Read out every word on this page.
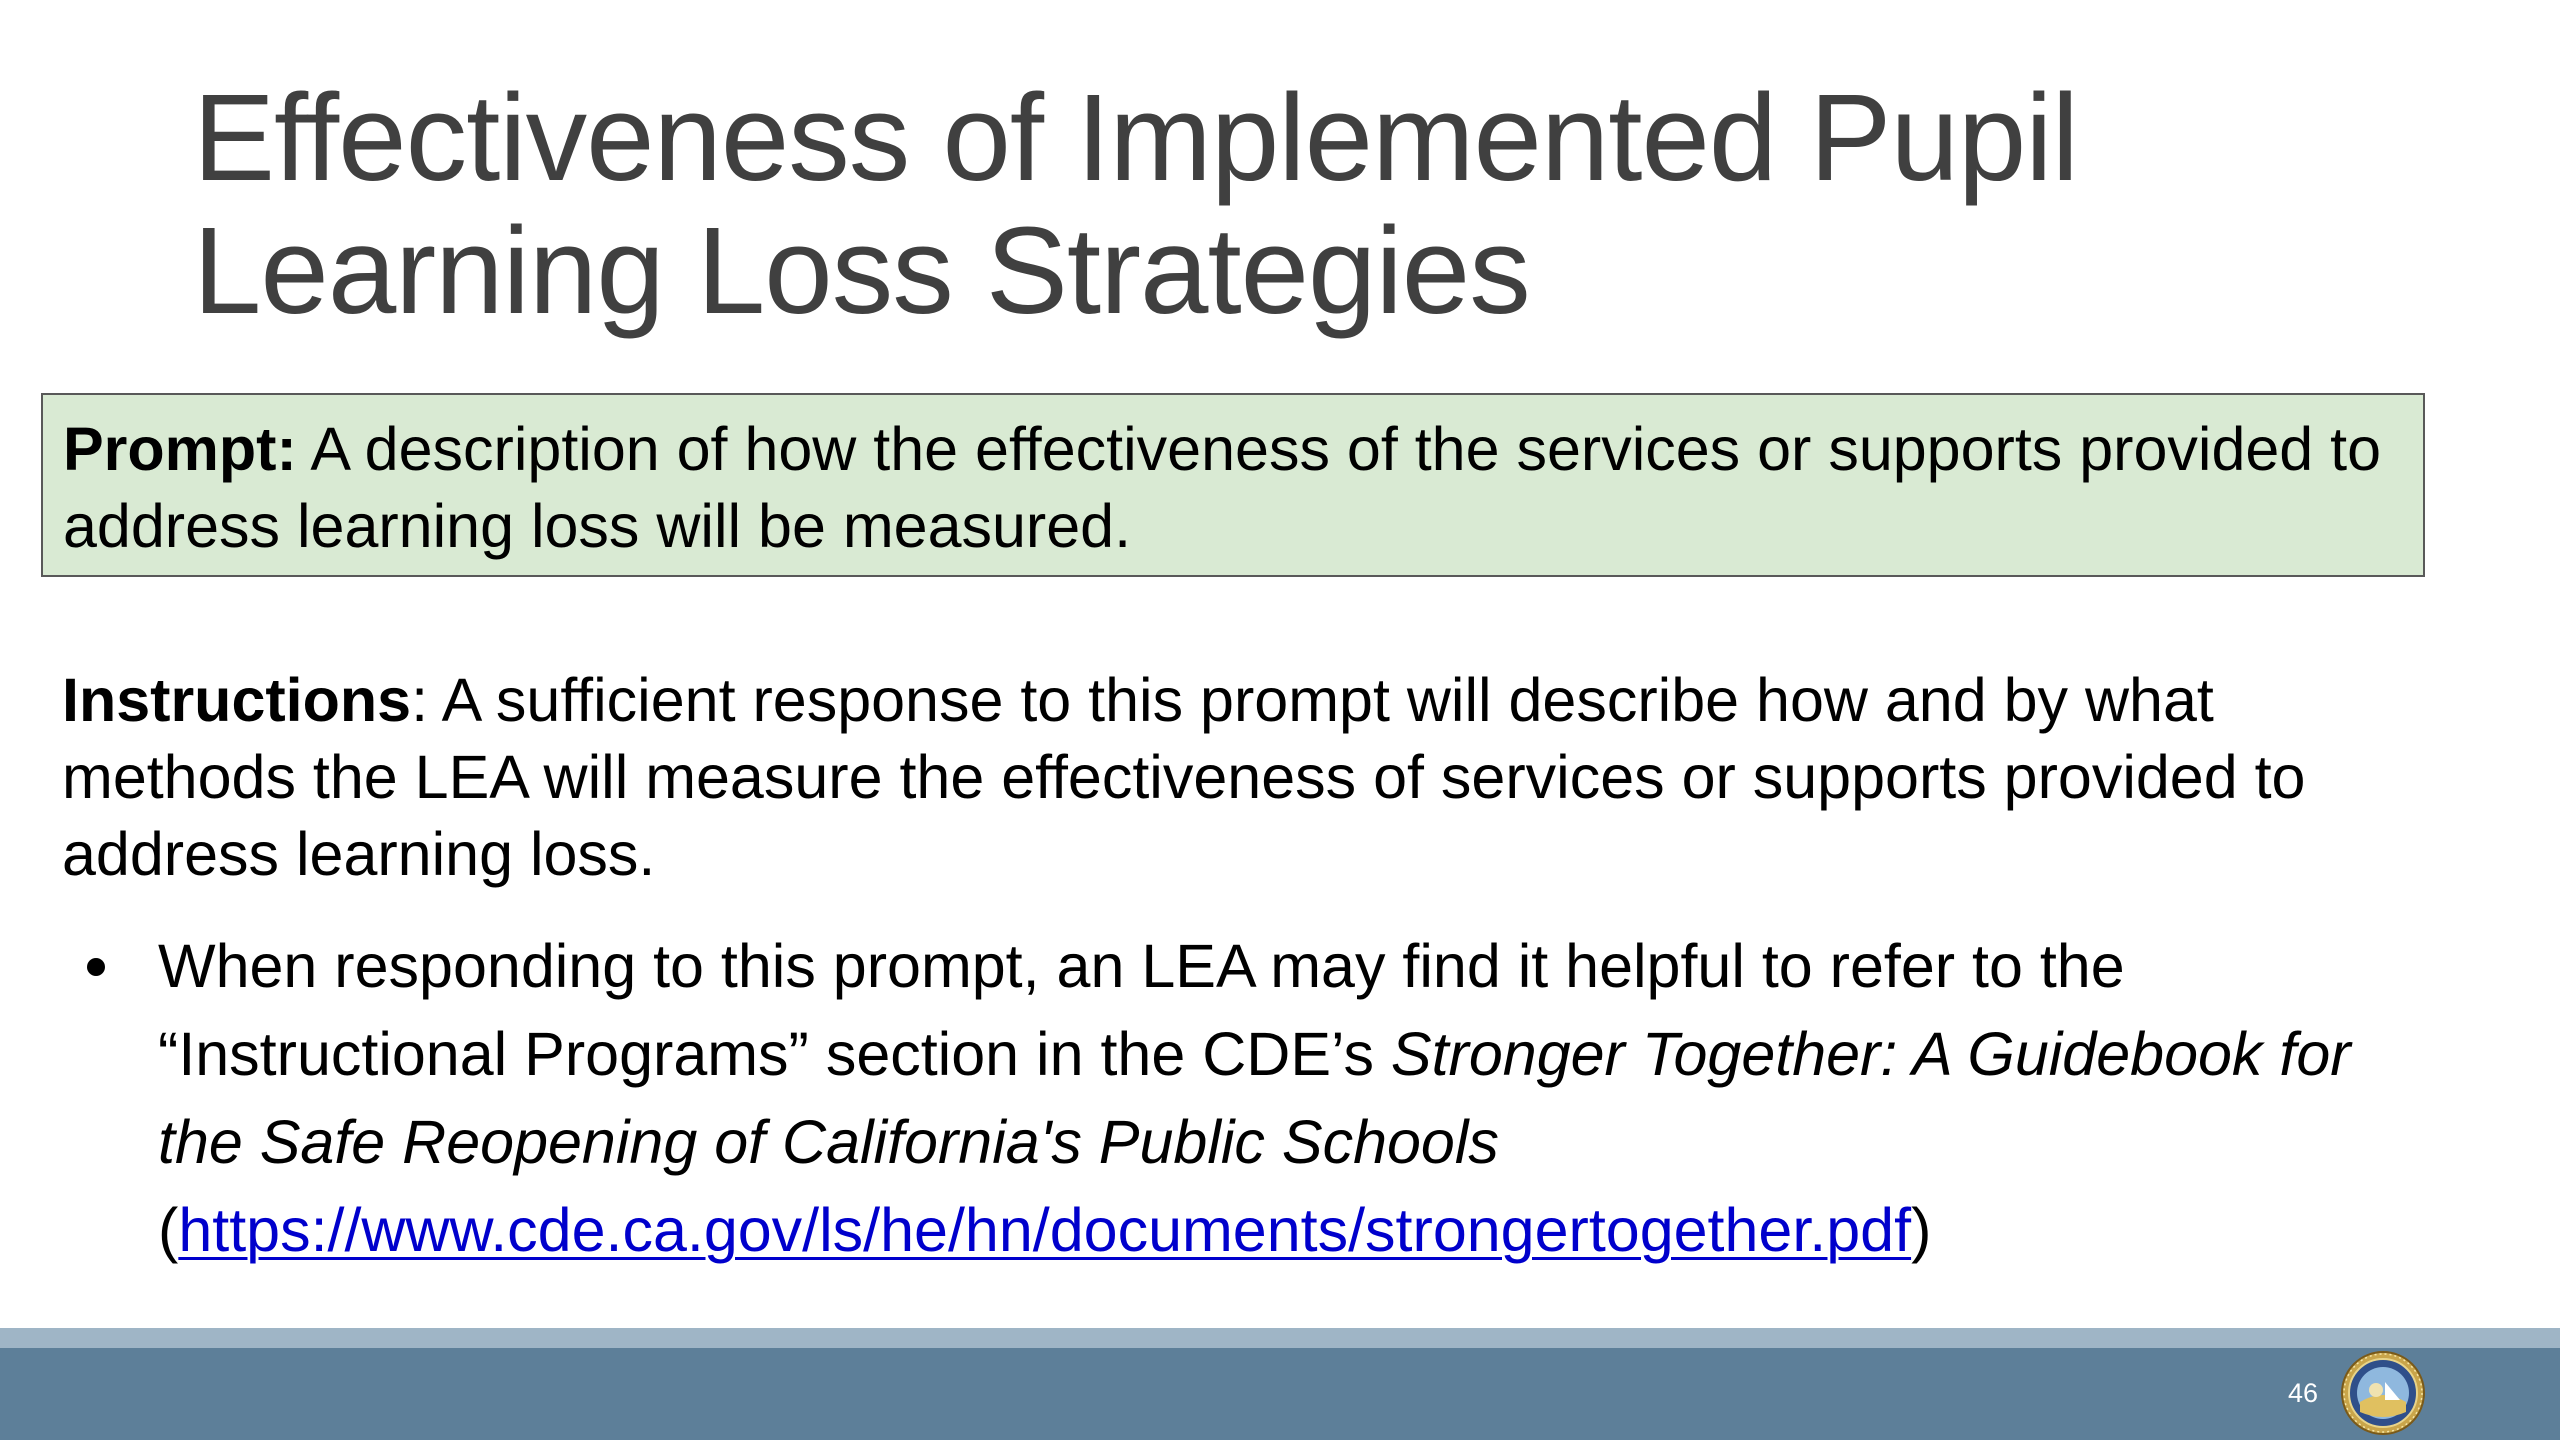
Effectiveness of Implemented Pupil
Learning Loss Strategies
Prompt: A description of how the effectiveness of the services or supports provided to address learning loss will be measured.

Instructions: A sufficient response to this prompt will describe how and by what methods the LEA will measure the effectiveness of services or supports provided to address learning loss.

When responding to this prompt, an LEA may find it helpful to refer to the “Instructional Programs” section in the CDE’s Stronger Together: A Guidebook for the Safe Reopening of California's Public Schools
(https://www.cde.ca.gov/ls/he/hn/documents/strongertogether.pdf)
46
